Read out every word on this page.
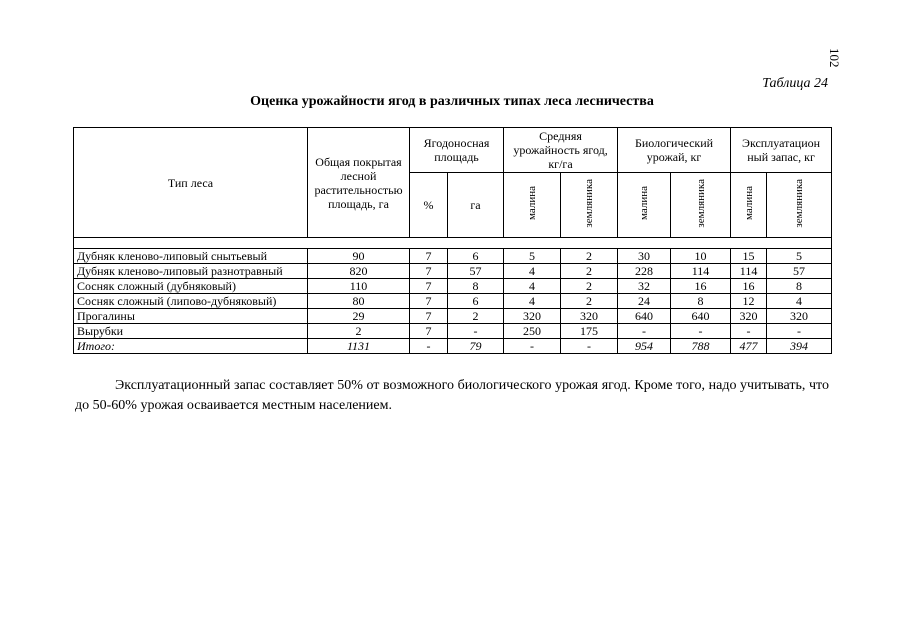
102
Таблица 24
Оценка урожайности ягод в различных типах леса лесничества
Тип леса	Общая покрытая лесной растительностью площадь, га	Ягодоносная площадь		Средняя урожайность ягод, кг/га		Биологический урожай, кг		Эксплуатацион ный запас, кг	
		%	га	малина	земляника	малина	земляника	малина	земляника

Дубняк кленово-липовый снытьевый	90	7	6	5	2	30	10	15	5
Дубняк кленово-липовый разнотравный	820	7	57	4	2	228	114	114	57
Сосняк сложный (дубняковый)	110	7	8	4	2	32	16	16	8
Сосняк сложный (липово-дубняковый)	80	7	6	4	2	24	8	12	4
Прогалины	29	7	2	320	320	640	640	320	320
Вырубки	2	7	-	250	175	-	-	-	-
Итого:	1131	-	79	-	-	954	788	477	394

Эксплуатационный запас составляет 50% от возможного биологического урожая ягод. Кроме того, надо учитывать, что до 50-60% урожая осваивается местным населением.
